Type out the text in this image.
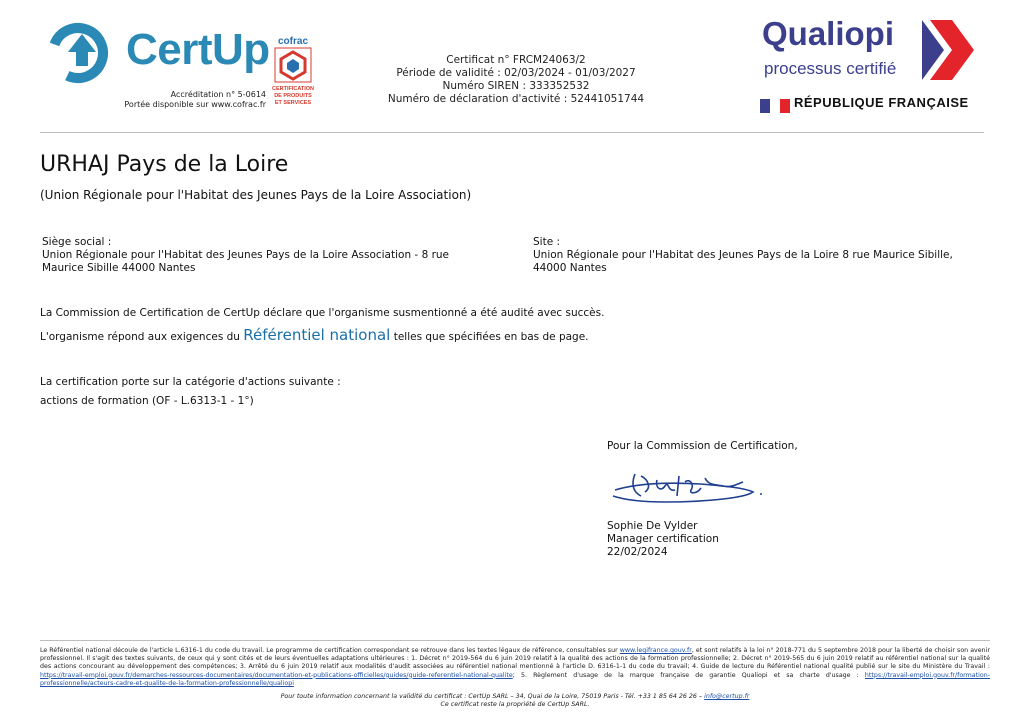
CertUp cofrac
CERTIFICATION
DE PRODUITS
ET SERVICES
Accréditation n° 5-0614
Portée disponible sur www.cofrac.fr
Certificat n° FRCM24063/2
Période de validité : 02/03/2024 - 01/03/2027
Numéro SIREN : 333352532
Numéro de déclaration d'activité : 52441051744
Qualiopi
processus certifié
RÉPUBLIQUE FRANÇAISE
URHAJ Pays de la Loire
(Union Régionale pour l'Habitat des Jeunes Pays de la Loire Association)
Siège social :
Union Régionale pour l'Habitat des Jeunes Pays de la Loire Association - 8 rue
Maurice Sibille 44000 Nantes
Site :
Union Régionale pour l'Habitat des Jeunes Pays de la Loire 8 rue Maurice Sibille,
44000 Nantes
La Commission de Certification de CertUp déclare que l'organisme susmentionné a été audité avec succès.
L'organisme répond aux exigences du Référentiel national telles que spécifiées en bas de page.
La certification porte sur la catégorie d'actions suivante :
actions de formation (OF - L.6313-1 - 1°)
Pour la Commission de Certification,
Sophie De Vylder
Manager certification
22/02/2024
Le Référentiel national découle de l'article L.6316-1 du code du travail. Le programme de certification correspondant se retrouve dans les textes légaux de référence, consultables sur www.legifrance.gouv.fr, et sont relatifs à la loi n° 2018-771 du 5 septembre 2018 pour la liberté de choisir son avenir professionnel. Il s'agit des textes suivants, de ceux qui y sont cités et de leurs éventuelles adaptations ultérieures : 1. Décret n° 2019-564 du 6 juin 2019 relatif à la qualité des actions de la formation professionnelle; 2. Décret n° 2019-565 du 6 juin 2019 relatif au référentiel national sur la qualité des actions concourant au développement des compétences; 3. Arrêté du 6 juin 2019 relatif aux modalités d'audit associées au référentiel national mentionné à l'article D. 6316-1-1 du code du travail; 4. Guide de lecture du Référentiel national qualité publié sur le site du Ministère du Travail : https://travail-emploi.gouv.fr/demarches-ressources-documentaires/documentation-et-publications-officielles/guides/guide-referentiel-national-qualite; 5. Règlement d'usage de la marque française de garantie Qualiopi et sa charte d'usage : https://travail-emploi.gouv.fr/formation-professionnelle/acteurs-cadre-et-qualite-de-la-formation-professionnelle/qualiopi
Pour toute information concernant la validité du certificat : CertUp SARL – 34, Quai de la Loire, 75019 Paris - Tél. +33 1 85 64 26 26 – info@certup.fr
Ce certificat reste la propriété de CertUp SARL.
